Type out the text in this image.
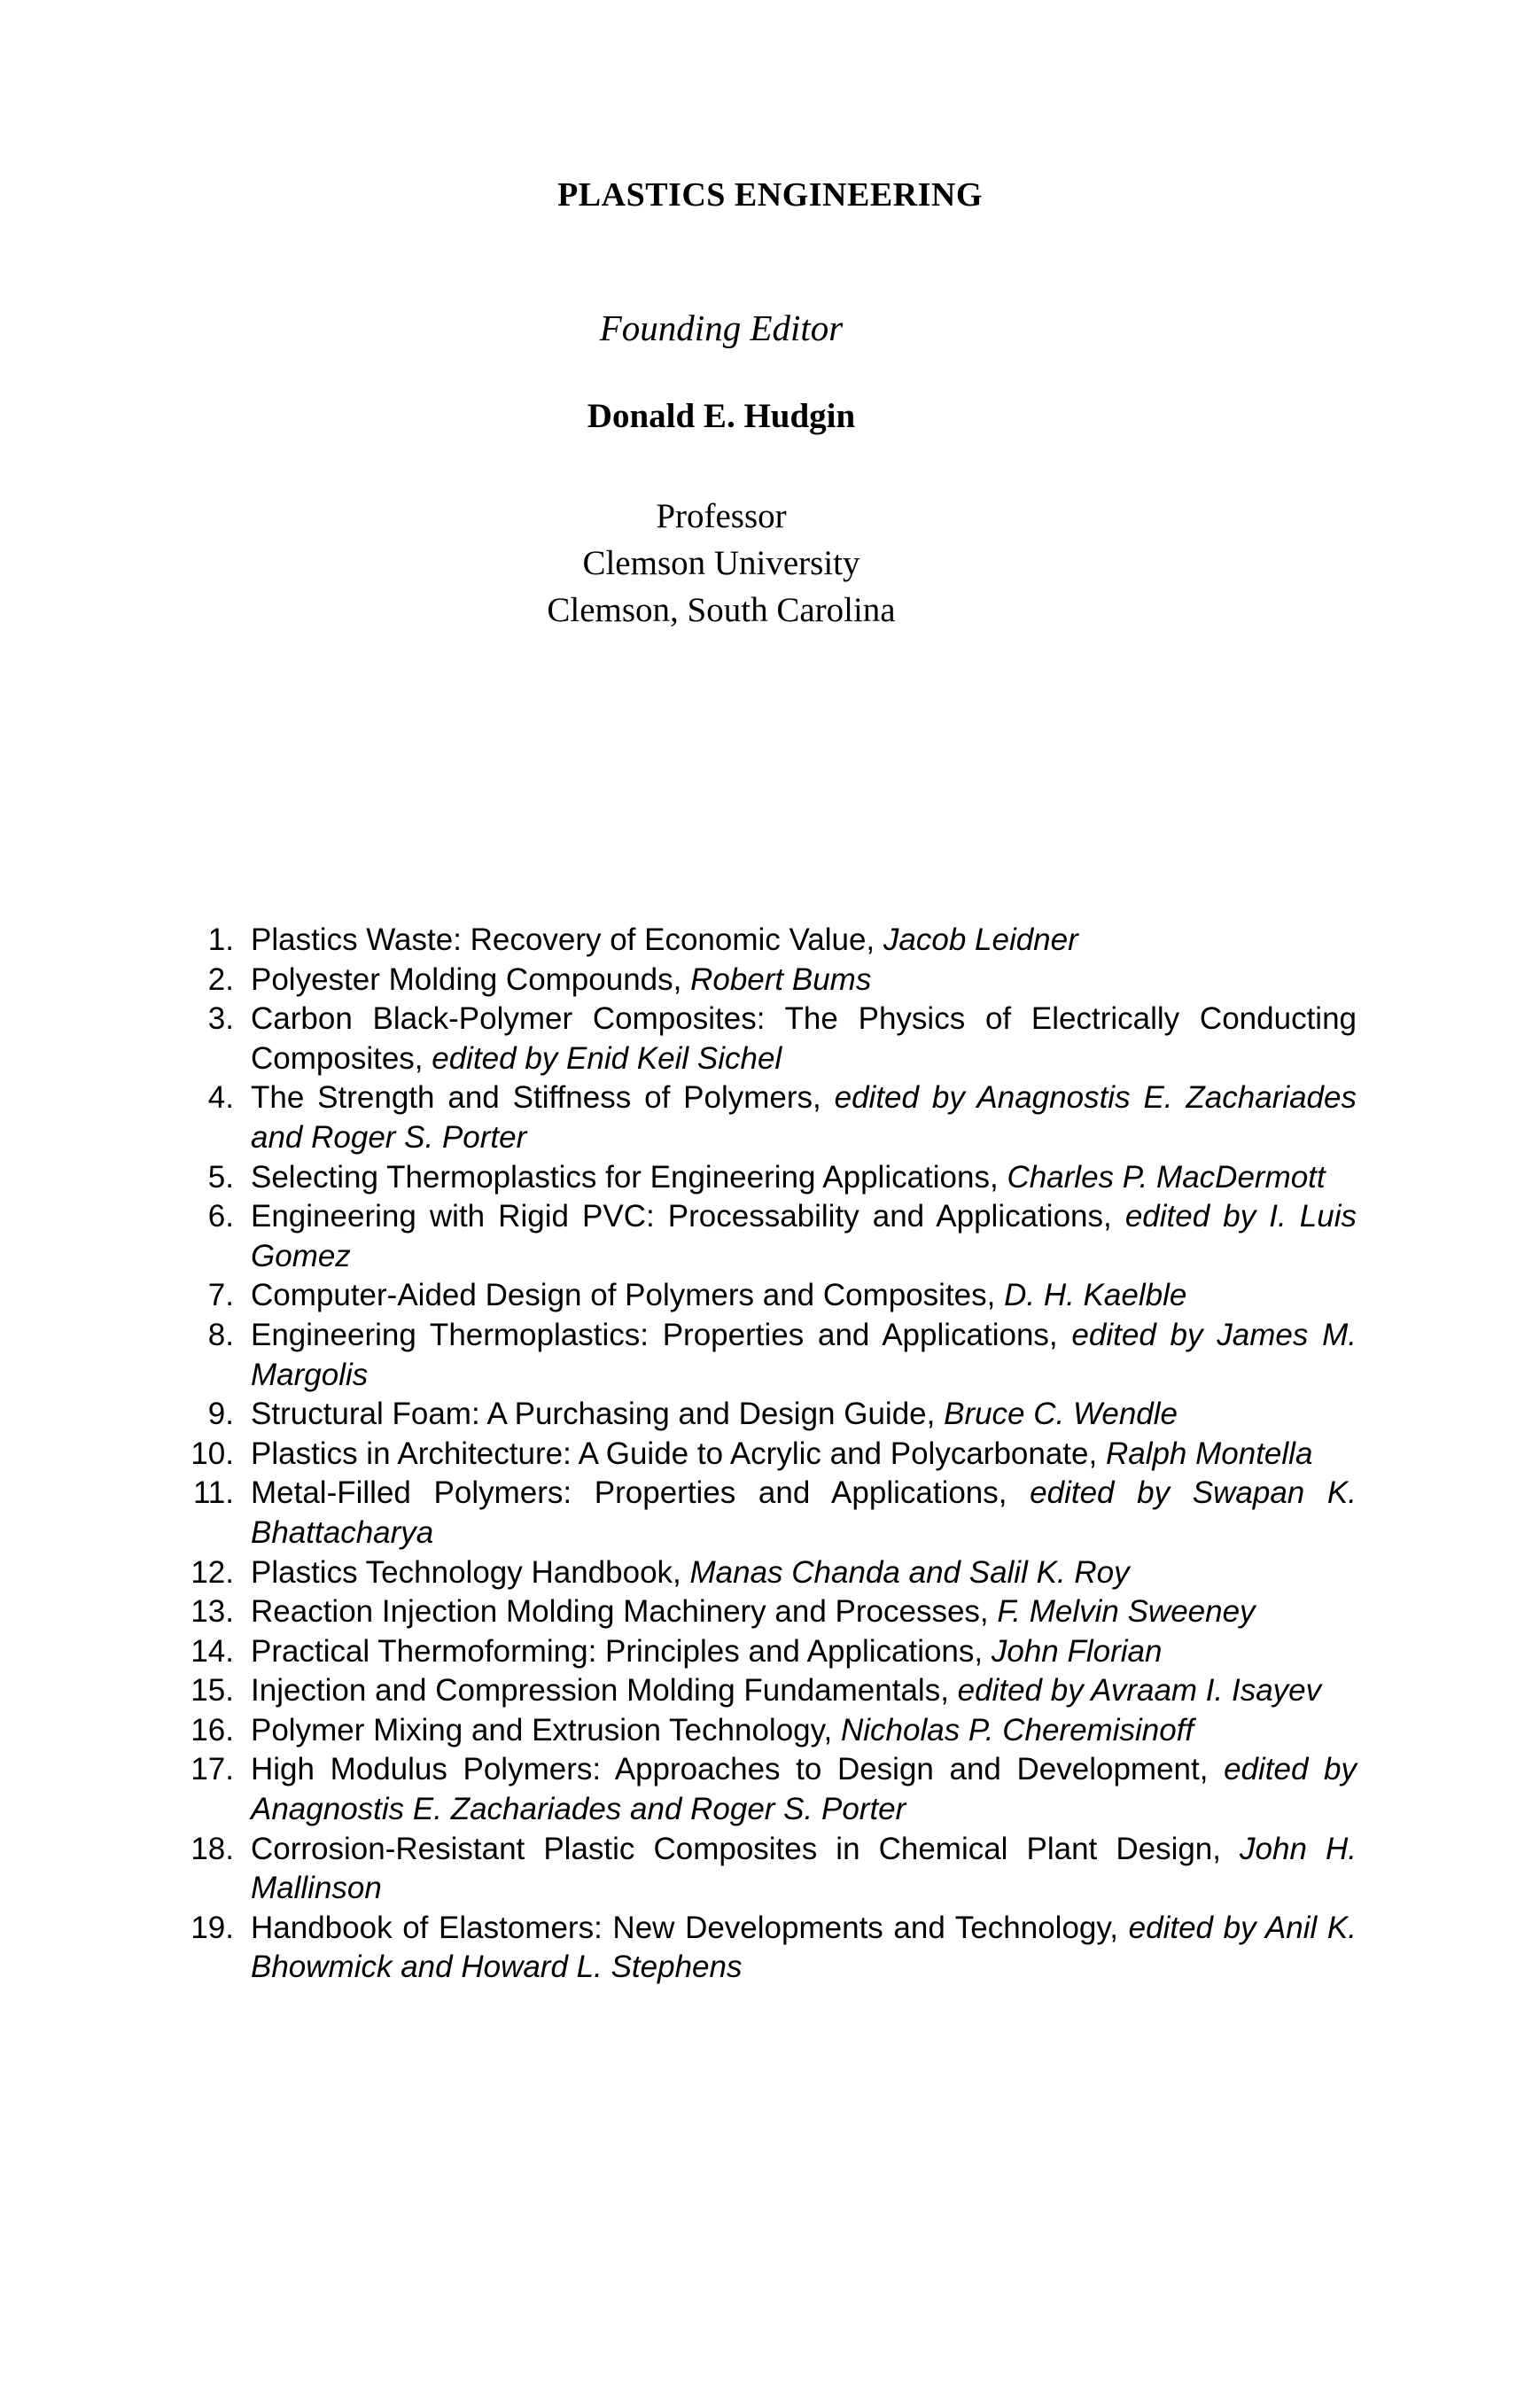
PLASTICS ENGINEERING
Founding Editor
Donald E. Hudgin
Professor
Clemson University
Clemson, South Carolina
1. Plastics Waste: Recovery of Economic Value, Jacob Leidner
2. Polyester Molding Compounds, Robert Bums
3. Carbon Black-Polymer Composites: The Physics of Electrically Conducting Composites, edited by Enid Keil Sichel
4. The Strength and Stiffness of Polymers, edited by Anagnostis E. Zachariades and Roger S. Porter
5. Selecting Thermoplastics for Engineering Applications, Charles P. MacDermott
6. Engineering with Rigid PVC: Processability and Applications, edited by I. Luis Gomez
7. Computer-Aided Design of Polymers and Composites, D. H. Kaelble
8. Engineering Thermoplastics: Properties and Applications, edited by James M. Margolis
9. Structural Foam: A Purchasing and Design Guide, Bruce C. Wendle
10. Plastics in Architecture: A Guide to Acrylic and Polycarbonate, Ralph Montella
11. Metal-Filled Polymers: Properties and Applications, edited by Swapan K. Bhattacharya
12. Plastics Technology Handbook, Manas Chanda and Salil K. Roy
13. Reaction Injection Molding Machinery and Processes, F. Melvin Sweeney
14. Practical Thermoforming: Principles and Applications, John Florian
15. Injection and Compression Molding Fundamentals, edited by Avraam I. Isayev
16. Polymer Mixing and Extrusion Technology, Nicholas P. Cheremisinoff
17. High Modulus Polymers: Approaches to Design and Development, edited by Anagnostis E. Zachariades and Roger S. Porter
18. Corrosion-Resistant Plastic Composites in Chemical Plant Design, John H. Mallinson
19. Handbook of Elastomers: New Developments and Technology, edited by Anil K. Bhowmick and Howard L. Stephens
